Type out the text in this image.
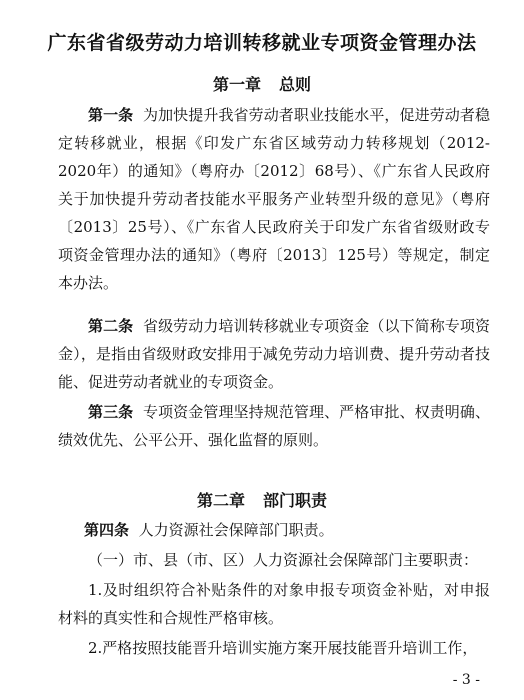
广东省省级劳动力培训转移就业专项资金管理办法
第一章 总则

第一条 为加快提升我省劳动者职业技能水平，促进劳动者稳定转移就业，根据《印发广东省区域劳动力转移规划（2012-2020年）的通知》（粤府办〔2012〕68号）、《广东省人民政府关于加快提升劳动者技能水平服务产业转型升级的意见》（粤府〔2013〕25号）、《广东省人民政府关于印发广东省省级财政专项资金管理办法的通知》（粤府〔2013〕125号）等规定，制定本办法。

第二条 省级劳动力培训转移就业专项资金（以下简称专项资金），是指由省级财政安排用于减免劳动力培训费、提升劳动者技能、促进劳动者就业的专项资金。

第三条 专项资金管理坚持规范管理、严格审批、权责明确、绩效优先、公平公开、强化监督的原则。

第二章 部门职责

第四条 人力资源社会保障部门职责。

（一）市、县（市、区）人力资源社会保障部门主要职责：

1.及时组织符合补贴条件的对象申报专项资金补贴，对申报材料的真实性和合规性严格审核。

2.严格按照技能晋升培训实施方案开展技能晋升培训工作，

- 3 -
